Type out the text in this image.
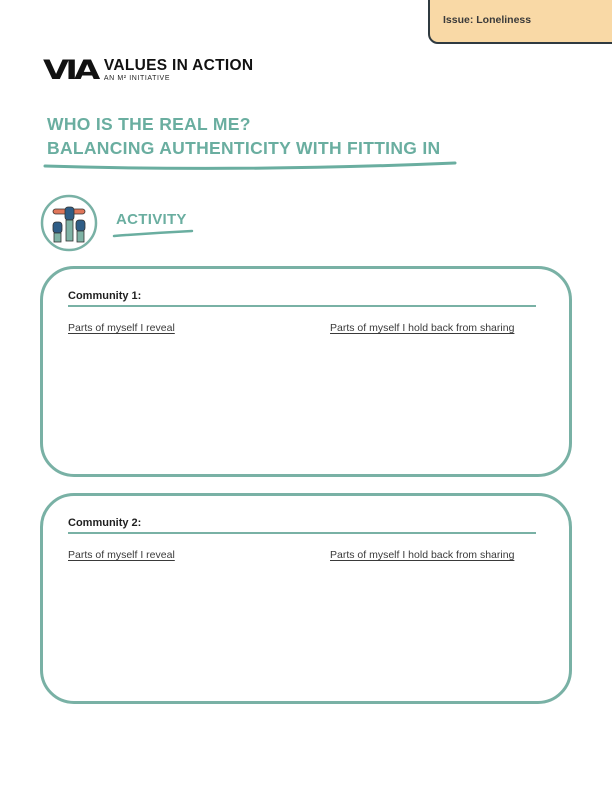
Issue: Loneliness
VIA VALUES IN ACTION
AN M² INITIATIVE
WHO IS THE REAL ME?
BALANCING AUTHENTICITY WITH FITTING IN
ACTIVITY
Community 1:
Parts of myself I reveal	Parts of myself I hold back from sharing
Community 2:
Parts of myself I reveal	Parts of myself I hold back from sharing
